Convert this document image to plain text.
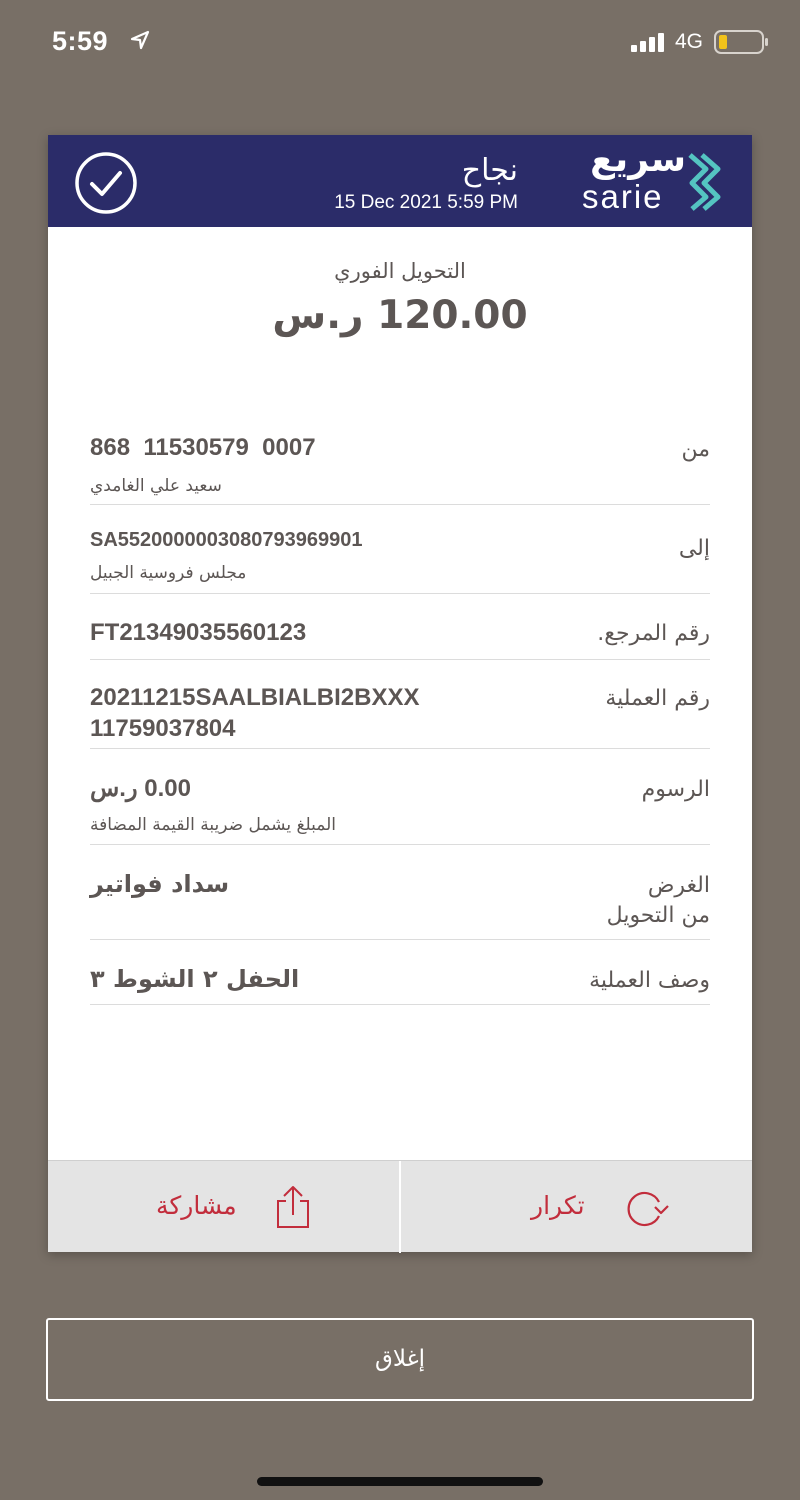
5:59	4G
نجاح
15 Dec 2021 5:59 PM
سريع
sarie
التحويل الفوري
120.00 ر.س
من
868  11530579  0007
سعيد علي الغامدي
إلى
SA5520000003080793969901
مجلس فروسية الجبيل
رقم المرجع.
FT21349035560123
رقم العملية
20211215SAALBIALBI2BXXX
11759037804
الرسوم
0.00 ر.س
المبلغ يشمل ضريبة القيمة المضافة
الغرض
من التحويل
سداد فواتير
وصف العملية
الحفل ٢ الشوط ٣
مشاركة	تكرار
إغلاق
